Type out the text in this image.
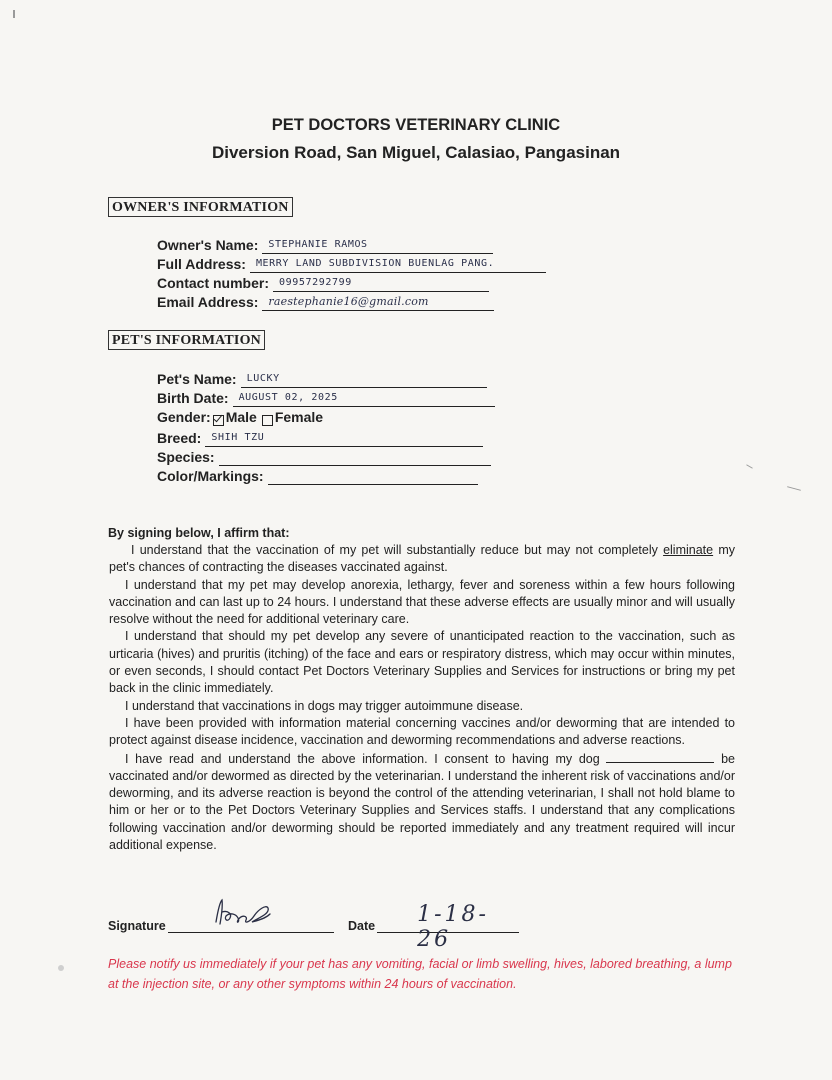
PET DOCTORS VETERINARY CLINIC
Diversion Road, San Miguel, Calasiao, Pangasinan
OWNER'S INFORMATION
Owner's Name:	STEPHANIE RAMOS
Full Address:	MERRY LAND SUBDIVISION BUENLAG PANG.
Contact number:	09957292799
Email Address: raestephanie16@gmail.com
PET'S INFORMATION
Pet's Name:	LUCKY
Birth Date:	AUGUST 02, 2025
Gender: Male Female
Breed:	SHIH TZU
Species:
Color/Markings:
By signing below, I affirm that:

I understand that the vaccination of my pet will substantially reduce but may not completely eliminate my pet's chances of contracting the diseases vaccinated against.

I understand that my pet may develop anorexia, lethargy, fever and soreness within a few hours following vaccination and can last up to 24 hours. I understand that these adverse effects are usually minor and will usually resolve without the need for additional veterinary care.

I understand that should my pet develop any severe of unanticipated reaction to the vaccination, such as urticaria (hives) and pruritis (itching) of the face and ears or respiratory distress, which may occur within minutes, or even seconds, I should contact Pet Doctors Veterinary Supplies and Services for instructions or bring my pet back in the clinic immediately.

I understand that vaccinations in dogs may trigger autoimmune disease.

I have been provided with information material concerning vaccines and/or deworming that are intended to protect against disease incidence, vaccination and deworming recommendations and adverse reactions.

I have read and understand the above information. I consent to having my dog	be vaccinated and/or dewormed as directed by the veterinarian. I understand the inherent risk of vaccinations and/or deworming, and its adverse reaction is beyond the control of the attending veterinarian, I shall not hold blame to him or her or to the Pet Doctors Veterinary Supplies and Services staffs. I understand that any complications following vaccination and/or deworming should be reported immediately and any treatment required will incur additional expense.

Signature	Date 1-18-26
Please notify us immediately if your pet has any vomiting, facial or limb swelling, hives, labored breathing, a lump at the injection site, or any other symptoms within 24 hours of vaccination.
